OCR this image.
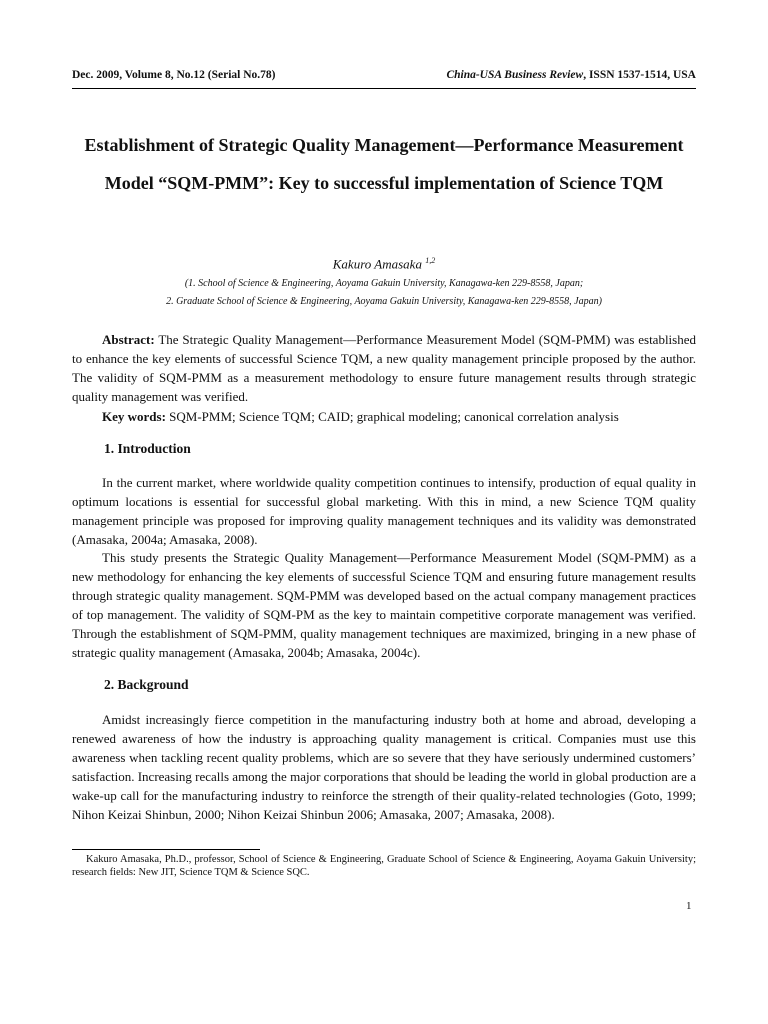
Dec. 2009, Volume 8, No.12 (Serial No.78)	China-USA Business Review, ISSN 1537-1514, USA
Establishment of Strategic Quality Management—Performance Measurement Model “SQM-PMM”: Key to successful implementation of Science TQM
Kakuro Amasaka $^{1,2}$
(1. School of Science & Engineering, Aoyama Gakuin University, Kanagawa-ken 229-8558, Japan;
2. Graduate School of Science & Engineering, Aoyama Gakuin University, Kanagawa-ken 229-8558, Japan)

Abstract: The Strategic Quality Management—Performance Measurement Model (SQM-PMM) was established to enhance the key elements of successful Science TQM, a new quality management principle proposed by the author. The validity of SQM-PMM as a measurement methodology to ensure future management results through strategic quality management was verified.

Key words: SQM-PMM; Science TQM; CAID; graphical modeling; canonical correlation analysis

1. Introduction

In the current market, where worldwide quality competition continues to intensify, production of equal quality in optimum locations is essential for successful global marketing. With this in mind, a new Science TQM quality management principle was proposed for improving quality management techniques and its validity was demonstrated (Amasaka, 2004a; Amasaka, 2008).

This study presents the Strategic Quality Management—Performance Measurement Model (SQM-PMM) as a new methodology for enhancing the key elements of successful Science TQM and ensuring future management results through strategic quality management. SQM-PMM was developed based on the actual company management practices of top management. The validity of SQM-PM as the key to maintain competitive corporate management was verified. Through the establishment of SQM-PMM, quality management techniques are maximized, bringing in a new phase of strategic quality management (Amasaka, 2004b; Amasaka, 2004c).

2. Background

Amidst increasingly fierce competition in the manufacturing industry both at home and abroad, developing a renewed awareness of how the industry is approaching quality management is critical. Companies must use this awareness when tackling recent quality problems, which are so severe that they have seriously undermined customers’ satisfaction. Increasing recalls among the major corporations that should be leading the world in global production are a wake-up call for the manufacturing industry to reinforce the strength of their quality-related technologies (Goto, 1999; Nihon Keizai Shinbun, 2000; Nihon Keizai Shinbun 2006; Amasaka, 2007; Amasaka, 2008).

Kakuro Amasaka, Ph.D., professor, School of Science & Engineering, Graduate School of Science & Engineering, Aoyama Gakuin University; research fields: New JIT, Science TQM & Science SQC.

1
